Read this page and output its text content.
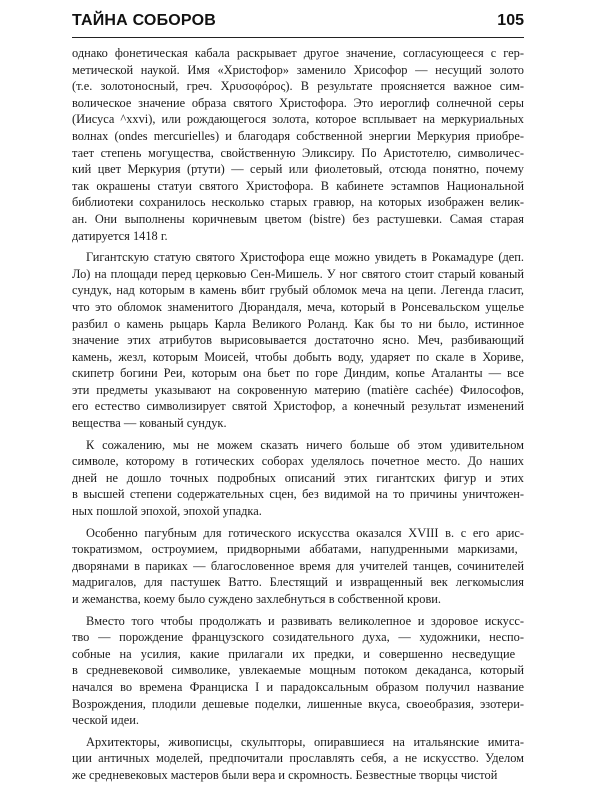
ТАЙНА СОБОРОВ	105
однако фонетическая кабала раскрывает другое значение, согласующееся с гер-
метической наукой. Имя «Христофор» заменило Хрисофор — несущий золото
(т.е. золотоносный, греч. Χρυσοφόρος). В результате проясняется важное сим-
волическое значение образа святого Христофора. Это иероглиф солнечной серы
(Иисуса ^xxvi), или рождающегося золота, которое всплывает на меркуриальных
волнах (ondes mercurielles) и благодаря собственной энергии Меркурия приобре-
тает степень могущества, свойственную Эликсиру. По Аристотелю, символичес-
кий цвет Меркурия (ртути) — серый или фиолетовый, отсюда понятно, почему
так окрашены статуи святого Христофора. В кабинете эстампов Национальной
библиотеки сохранилось несколько старых гравюр, на которых изображен велик-
ан. Они выполнены коричневым цветом (bistre) без растушевки. Самая старая
датируется 1418 г.
Гигантскую статую святого Христофора еще можно увидеть в Рокамадуре (деп.
Ло) на площади перед церковью Сен-Мишель. У ног святого стоит старый кованый
сундук, над которым в камень вбит грубый обломок меча на цепи. Легенда гласит,
что это обломок знаменитого Дюрандаля, меча, который в Ронсевальском ущелье
разбил о камень рыцарь Карла Великого Роланд. Как бы то ни было, истинное
значение этих атрибутов вырисовывается достаточно ясно. Меч, разбивающий
камень, жезл, которым Моисей, чтобы добыть воду, ударяет по скале в Хориве,
скипетр богини Реи, которым она бьет по горе Диндим, копье Аталанты — все
эти предметы указывают на сокровенную материю (matière cachée) Философов,
его естество символизирует святой Христофор, а конечный результат изменений
вещества — кованый сундук.
К сожалению, мы не можем сказать ничего больше об этом удивительном
символе, которому в готических соборах уделялось почетное место. До наших
дней не дошло точных подробных описаний этих гигантских фигур и этих
в высшей степени содержательных сцен, без видимой на то причины уничтожен-
ных пошлой эпохой, эпохой упадка.
Особенно пагубным для готического искусства оказался XVIII в. с его арис-
тократизмом, остроумием, придворными аббатами, напудренными маркизами,
дворянами в париках — благословенное время для учителей танцев, сочинителей
мадригалов, для пастушек Ватто. Блестящий и извращенный век легкомыслия
и жеманства, коему было суждено захлебнуться в собственной крови.
Вместо того чтобы продолжать и развивать великолепное и здоровое искусс-
тво — порождение французского созидательного духа, — художники, неспо-
собные на усилия, какие прилагали их предки, и совершенно несведущие
в средневековой символике, увлекаемые мощным потоком декаданса, который
начался во времена Франциска I и парадоксальным образом получил название
Возрождения, плодили дешевые поделки, лишенные вкуса, своеобразия, эзотери-
ческой идеи.
Архитекторы, живописцы, скульпторы, опиравшиеся на итальянские имита-
ции античных моделей, предпочитали прославлять себя, а не искусство. Уделом
же средневековых мастеров были вера и скромность. Безвестные творцы чистой
